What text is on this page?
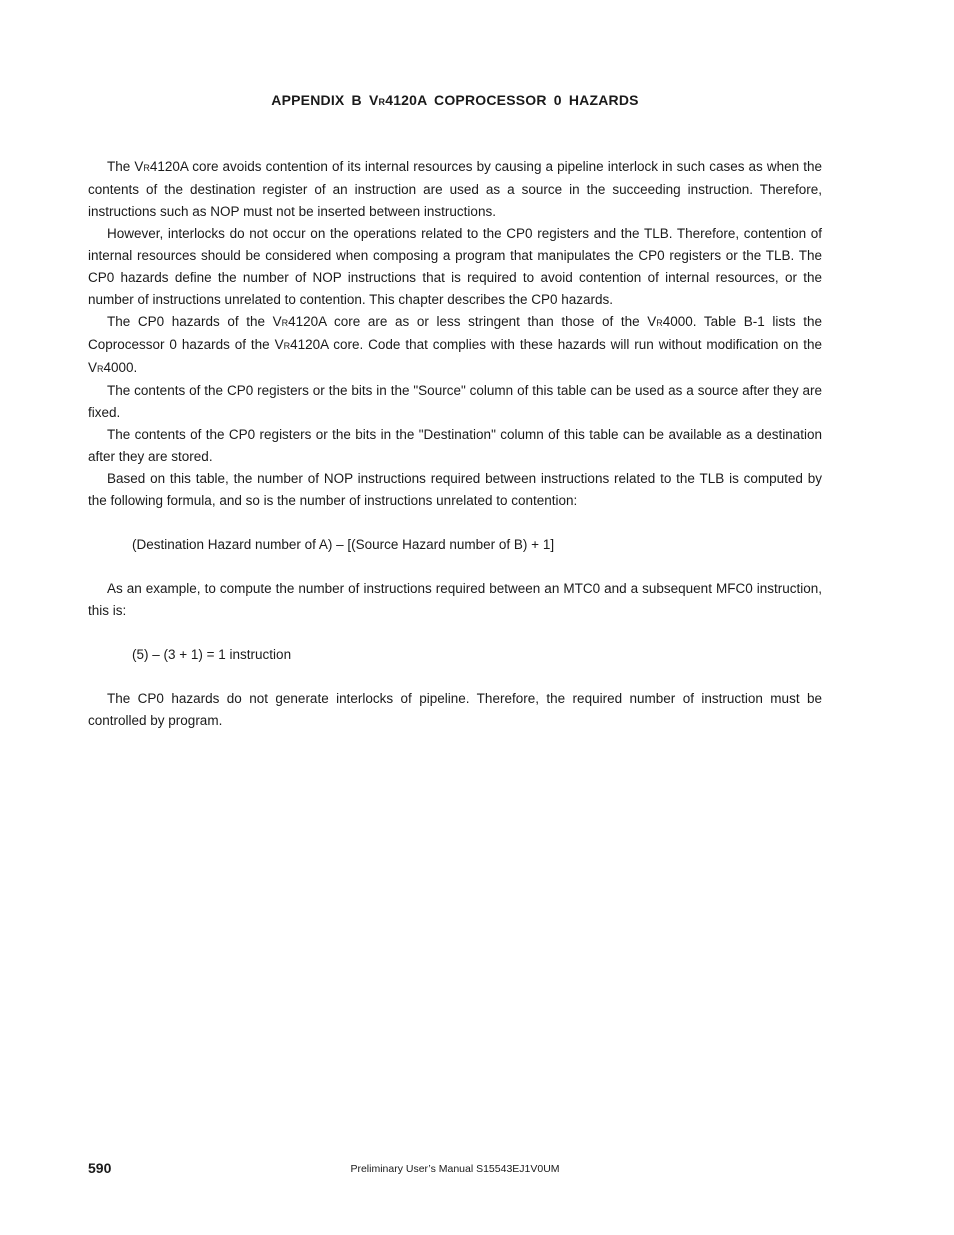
APPENDIX B VR4120A COPROCESSOR 0 HAZARDS

The VR4120A core avoids contention of its internal resources by causing a pipeline interlock in such cases as when the contents of the destination register of an instruction are used as a source in the succeeding instruction. Therefore, instructions such as NOP must not be inserted between instructions.

However, interlocks do not occur on the operations related to the CP0 registers and the TLB. Therefore, contention of internal resources should be considered when composing a program that manipulates the CP0 registers or the TLB. The CP0 hazards define the number of NOP instructions that is required to avoid contention of internal resources, or the number of instructions unrelated to contention. This chapter describes the CP0 hazards.

The CP0 hazards of the VR4120A core are as or less stringent than those of the VR4000. Table B-1 lists the Coprocessor 0 hazards of the VR4120A core. Code that complies with these hazards will run without modification on the VR4000.

The contents of the CP0 registers or the bits in the "Source" column of this table can be used as a source after they are fixed.

The contents of the CP0 registers or the bits in the "Destination" column of this table can be available as a destination after they are stored.

Based on this table, the number of NOP instructions required between instructions related to the TLB is computed by the following formula, and so is the number of instructions unrelated to contention:

(Destination Hazard number of A) – [(Source Hazard number of B) + 1]

As an example, to compute the number of instructions required between an MTC0 and a subsequent MFC0 instruction, this is:

(5) – (3 + 1) = 1 instruction

The CP0 hazards do not generate interlocks of pipeline. Therefore, the required number of instruction must be controlled by program.

590	Preliminary User’s Manual S15543EJ1V0UM
